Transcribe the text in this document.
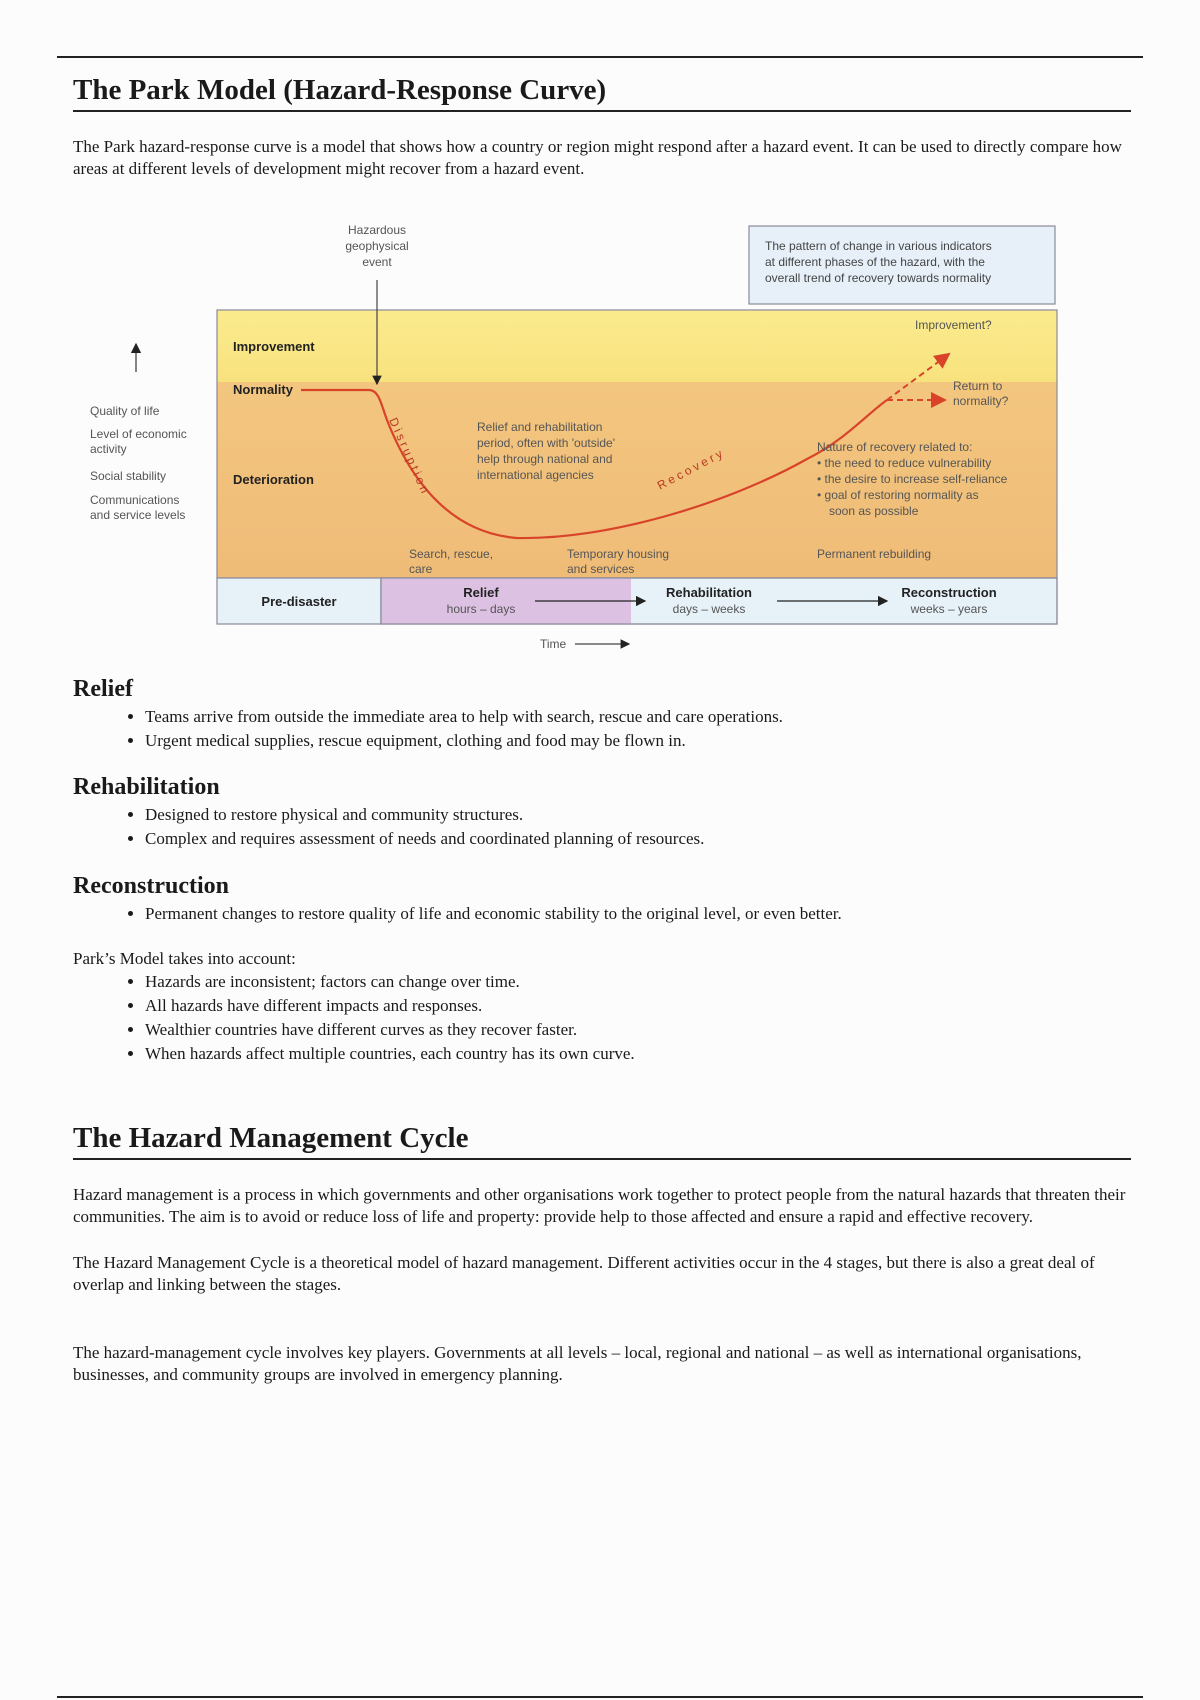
The Park Model (Hazard-Response Curve)

The Park hazard-response curve is a model that shows how a country or region might respond after a hazard event. It can be used to directly compare how areas at different levels of development might recover from a hazard event.

Improvement
Normality
Deterioration
Quality of life
Level of economic
activity
Social stability
Communications
and service levels
Hazardous
geophysical
event
The pattern of change in various indicators
at different phases of the hazard, with the
overall trend of recovery towards normality
Improvement?
Return to
normality?
Disruption	Recovery
Relief and rehabilitation
period, often with 'outside'
help through national and
international agencies
Nature of recovery related to:
• the need to reduce vulnerability
• the desire to increase self-reliance
• goal of restoring normality as
soon as possible
Search, rescue,
care
Temporary housing
and services
Permanent rebuilding
Pre-disaster
Relief
hours – days
Rehabilitation
days – weeks
Reconstruction
weeks – years
Time
Relief
• Teams arrive from outside the immediate area to help with search, rescue and care operations.
• Urgent medical supplies, rescue equipment, clothing and food may be flown in.
Rehabilitation
• Designed to restore physical and community structures.
• Complex and requires assessment of needs and coordinated planning of resources.
Reconstruction
• Permanent changes to restore quality of life and economic stability to the original level, or even better.

Park’s Model takes into account:

• Hazards are inconsistent; factors can change over time.
• All hazards have different impacts and responses.
• Wealthier countries have different curves as they recover faster.
• When hazards affect multiple countries, each country has its own curve.
The Hazard Management Cycle

Hazard management is a process in which governments and other organisations work together to protect people from the natural hazards that threaten their communities. The aim is to avoid or reduce loss of life and property: provide help to those affected and ensure a rapid and effective recovery.

The Hazard Management Cycle is a theoretical model of hazard management. Different activities occur in the 4 stages, but there is also a great deal of overlap and linking between the stages.

The hazard-management cycle involves key players. Governments at all levels – local, regional and national – as well as international organisations, businesses, and community groups are involved in emergency planning.
